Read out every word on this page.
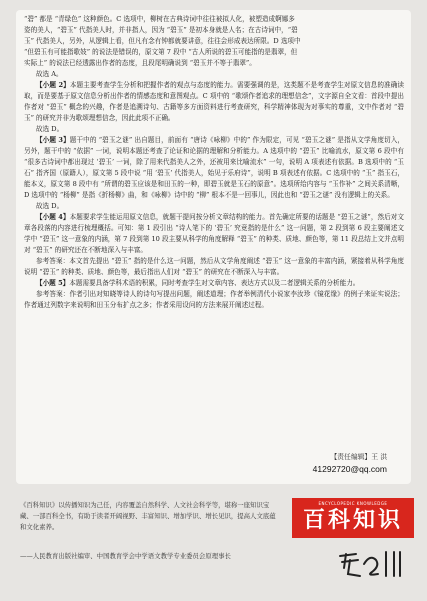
“碧” 都是 “青绿色” 这种颜色。C 选项中，柳树在古典诗词中往往被拟人化，被塑造成婀娜多

姿的美人，“碧玉” 代指美人时，并非指人，因为 “碧玉” 是初本身就是人名；在古诗词中，“碧

玉” 代指美人，另外，从逻辑上看，但凡有念有钟都就要讲意，往往会形成表达所限。D 选项中

“但碧玉有可能指歌妓” 的说法是错误的，原文第 7 段中 “古人所说的碧玉可能指的是翡翠，但

实际上” 的说法已经透露出作者的态度，且段尾明确说到 “碧玉并不等于翡翠”。

故选 A。

【小题 2】本题主要考查学生分析和把握作者的观点与态度的能力。需要强调的是，这类题不是考查学生对原文信息的准确读取，而是要基于原文信息分析出作者的情感态度和意图观点。C 项中的 “歌颂作者追求的理想信念”，文字源自全文看：首段中提出作者对 “碧玉” 概念的兴趣，作者是追溯诗句、古籍等多方面资料进行考查研究，科学精神体现为对事实的尊重，文中作者对 “碧玉” 的研究并非为歌颂理想信念，因此此项不正确。

故选 D。

【小题 3】题干中的 “碧玉之谜” 出自题目，前面有 “唐诗《咏柳》中的” 作为限定，可见 “碧玉之谜” 是指从文学角度切入，另外，题干中的 “依据” 一词，说明本题还考查了论证和论据的理解和分析能力。A 选项中的 “碧玉” 比喻流水，原文第 6 段中有 “很多古诗词中都出现过 ‘碧玉’ 一词，除了用来代指美人之外，还被用来比喻流水” 一句，说明 A 项表述有依据。B 选项中的 “玉石” 指齐国（原籍人），原文第 5 段中说 “用 ‘碧玉’ 代指美人，始见于乐府诗”，说明 B 项表述有依据。C 选项中的 “玉” 指玉石，能本义，原文第 8 段中有 “所谓的碧玉应该是和田玉的一种，即碧玉就是玉石的原意”。选项所给内容与 “玉作补” 之间关系清晰，D 选项中的 “杨柳” 是指《折杨柳》曲，和《咏柳》诗中的 “柳” 根本不是一回事儿，因此也和 “碧玉之谜” 没有逻辑上的关系。

故选 D。

【小题 4】本题要求学生能运用原文信息，就题干提问按分析文章结构的能力。首先确定所要的话题是 “碧玉之谜”，然后对文章各段落的内容进行梳理概括。可知：第 1 段引出 “诗人笔下的 ‘碧玉’ 究竟指的是什么” 这一问题，第 2 段到第 6 段主要阐述文学中 “碧玉” 这一意象的内涵，第 7 段到第 10 段主要从科学的角度解释 “碧玉” 的种类、质地、颜色等，第 11 段总结上文并点明对 “碧玉” 的研究还在不断地深入与丰富。

参考答案：本文首先提出 “碧玉” 指的是什么这一问题，然后从文学角度阐述 “碧玉” 这一意象的丰富内涵，紧接着从科学角度说明 “碧玉” 的种类、质地、颜色等，最后指出人们对 “碧玉” 的研究在不断深入与丰富。

【小题 5】本题需要具备学科术语的积累，同时考查学生对文章内容、表达方式以及二者逻辑关系的分析能力。

参考答案：作者引出对知晓等诗人的诗句写提出问题，阐述道理；作者举例清代小说家李汝珍《镜花缘》的例子来证实说法；作者通过列数字来说明和田玉分布扩点之多；作者采用设问的方法来展开阐述过程。

【责任编辑】王 洪
41292720@qq.com
《百科知识》以传播知识为己任，内容覆盖自然科学、人文社会科学等，堪称一座知识宝藏、一部百科全书，有助于读者开阔视野、丰富知识、增加学识、增长见识，提高人文底蕴和文化素养。
——人民教育出版社编审、中国教育学会中学语文教学专业委员会原理事长
ENCYCLOPEDIC KNOWLEDGE
百科知识
